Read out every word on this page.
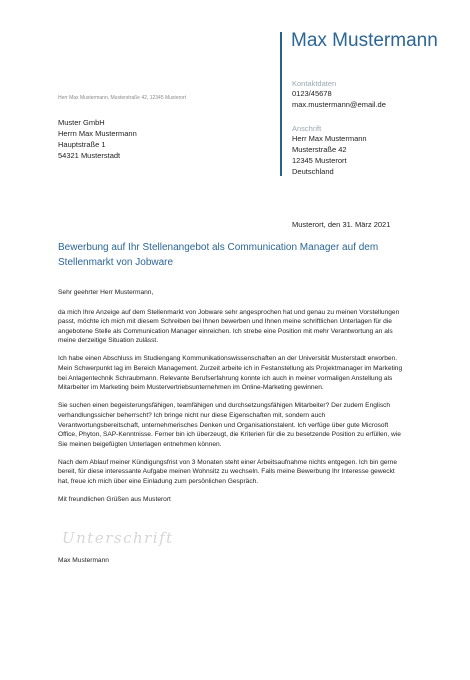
Max Mustermann
Kontaktdaten
0123/45678
max.mustermann@email.de
Anschrift
Herr Max Mustermann
Musterstraße 42
12345 Musterort
Deutschland
Herr Max Mustermann, Musterstraße 42, 12345 Musterort
Muster GmbH
Herrn Max Mustermann
Hauptstraße 1
54321 Musterstadt
Musterort, den 31. März 2021
Bewerbung auf Ihr Stellenangebot als Communication Manager auf dem Stellenmarkt von Jobware

Sehr geehrter Herr Mustermann,

da mich Ihre Anzeige auf dem Stellenmarkt von Jobware sehr angesprochen hat und genau zu meinen Vorstellungen passt, möchte ich mich mit diesem Schreiben bei Ihnen bewerben und Ihnen meine schriftlichen Unterlagen für die angebotene Stelle als Communication Manager einreichen. Ich strebe eine Position mit mehr Verantwortung an als meine derzeitige Situation zulässt.

Ich habe einen Abschluss im Studiengang Kommunikationswissenschaften an der Universität Musterstadt erworben. Mein Schwerpunkt lag im Bereich Management. Zurzeit arbeite ich in Festanstellung als Projektmanager im Marketing bei Anlagentechnik Schraubmann. Relevante Berufserfahrung konnte ich auch in meiner vormaligen Anstellung als Mitarbeiter im Marketing beim Mustervertriebsunternehmen im Online-Marketing gewinnen.

Sie suchen einen begeisterungsfähigen, teamfähigen und durchsetzungsfähigen Mitarbeiter? Der zudem Englisch verhandlungssicher beherrscht? Ich bringe nicht nur diese Eigenschaften mit, sondern auch Verantwortungsbereitschaft, unternehmerisches Denken und Organisationstalent. Ich verfüge über gute Microsoft Office, Phyton, SAP-Kenntnisse. Ferner bin ich überzeugt, die Kriterien für die zu besetzende Position zu erfüllen, wie Sie meinen beigefügten Unterlagen entnehmen können.

Nach dem Ablauf meiner Kündigungsfrist von 3 Monaten steht einer Arbeitsaufnahme nichts entgegen. Ich bin gerne bereit, für diese interessante Aufgabe meinen Wohnsitz zu wechseln. Falls meine Bewerbung Ihr Interesse geweckt hat, freue ich mich über eine Einladung zum persönlichen Gespräch.

Mit freundlichen Grüßen aus Musterort

Unterschrift
Max Mustermann
